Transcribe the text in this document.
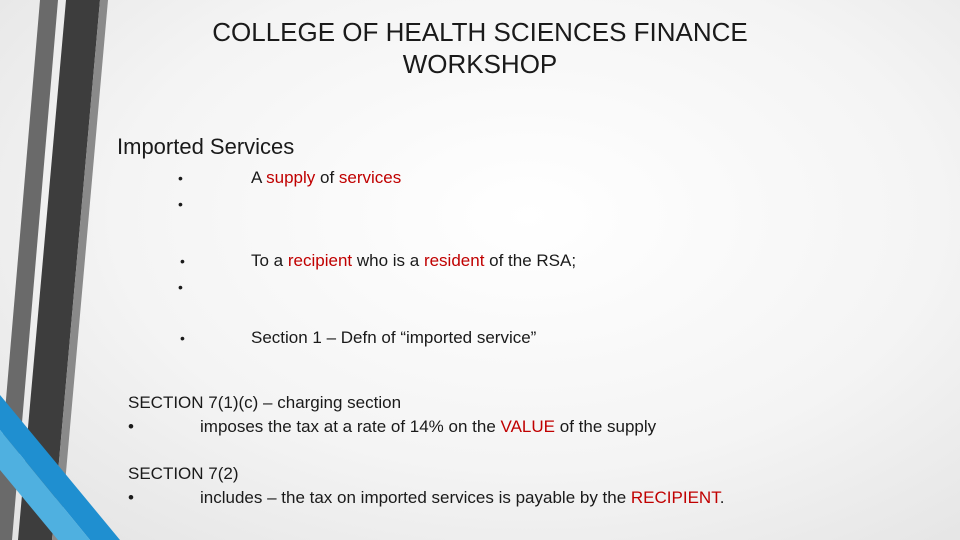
COLLEGE OF HEALTH SCIENCES FINANCE WORKSHOP
Imported Services
•
•
A supply of services
•
•
To a recipient who is a resident of the RSA;
•	Section 1 – Defn of “imported service”
SECTION 7(1)(c) – charging section
•	imposes the tax at a rate of 14% on the VALUE of the supply
SECTION 7(2)
•	includes – the tax on imported services is payable by the RECIPIENT.
